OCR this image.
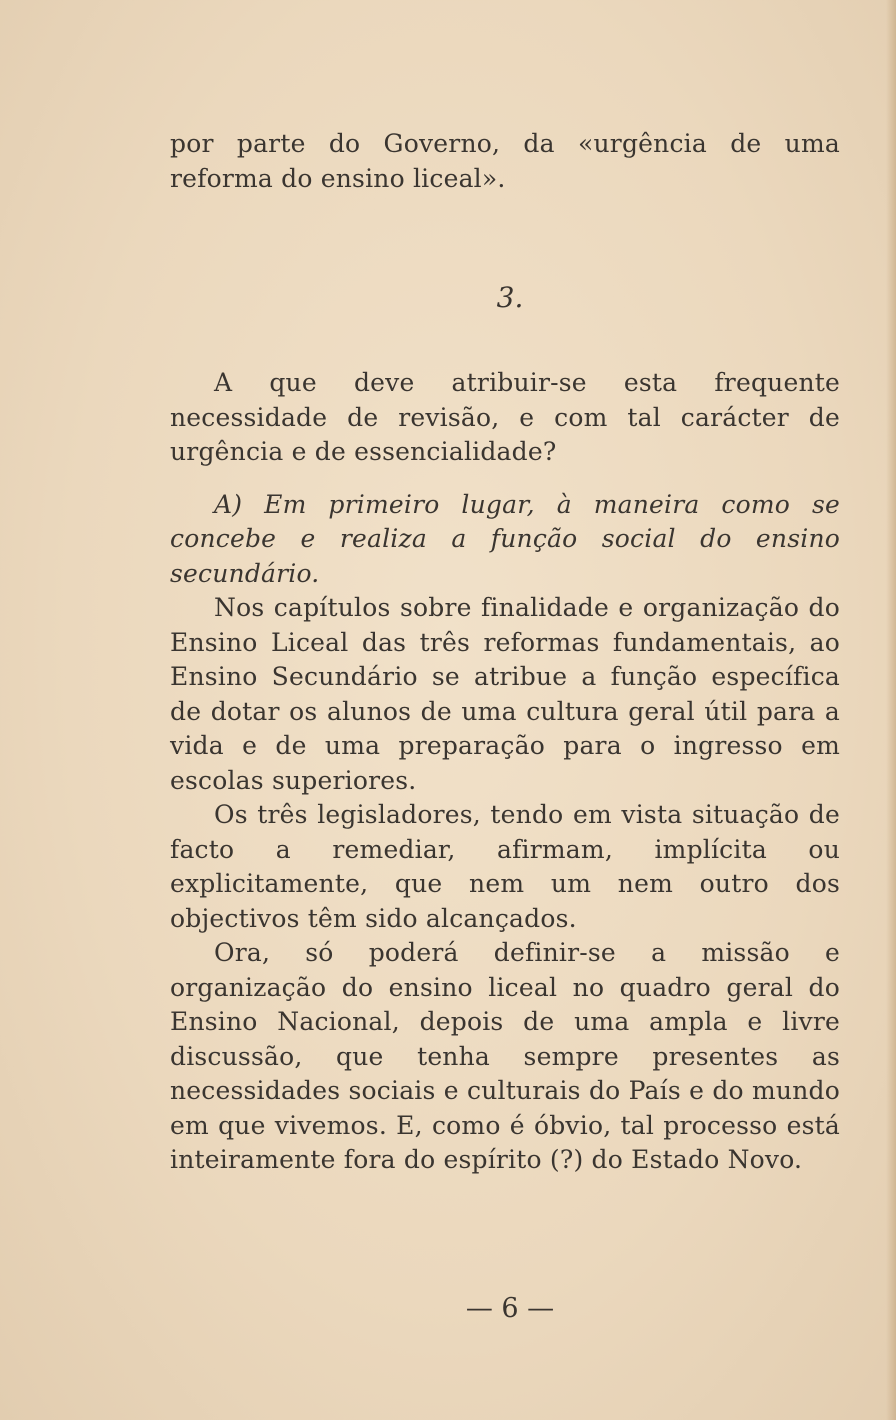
por parte do Governo, da «urgência de uma reforma do ensino liceal».

3.

A que deve atribuir-se esta frequente necessidade de revisão, e com tal carácter de urgência e de essencialidade?

A) Em primeiro lugar, à maneira como se concebe e realiza a função social do ensino secundário.

Nos capítulos sobre finalidade e organização do Ensino Liceal das três reformas fundamentais, ao Ensino Secundário se atribue a função específica de dotar os alunos de uma cultura geral útil para a vida e de uma preparação para o ingresso em escolas superiores.

Os três legisladores, tendo em vista situação de facto a remediar, afirmam, implícita ou explicitamente, que nem um nem outro dos objectivos têm sido alcançados.

Ora, só poderá definir-se a missão e organização do ensino liceal no quadro geral do Ensino Nacional, depois de uma ampla e livre discussão, que tenha sempre presentes as necessidades sociais e culturais do País e do mundo em que vivemos. E, como é óbvio, tal processo está inteiramente fora do espírito (?) do Estado Novo.

— 6 —
